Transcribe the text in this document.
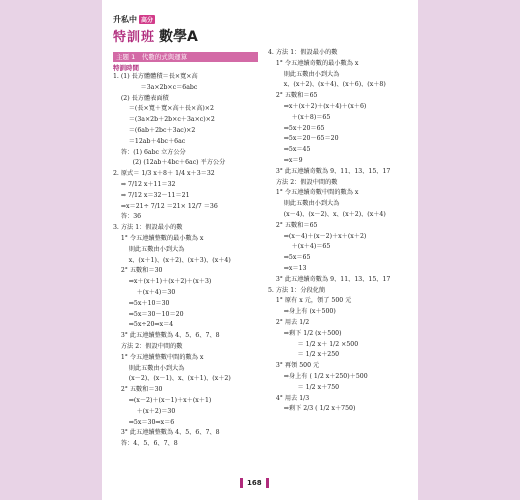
升私中 高分
特訓班 數學A
主題 1　代數的式與運算
特訓時間
1. (1) 長方體體積＝長×寬×高
＝3a×2b×c＝6abc
(2) 長方體表面積
＝(長×寬＋寬×高＋長×高)×2
＝(3a×2b＋2b×c＋3a×c)×2
＝(6ab＋2bc＋3ac)×2
＝12ab＋4bc＋6ac
答：(1) 6abc 立方公分
(2) (12ab＋4bc＋6ac) 平方公分
2. 原式＝ 1/3 x＋8＋ 1/4 x＋3＝32
⇒ 7/12 x＋11＝32
⇒ 7/12 x＝32－11＝21
⇒x＝21÷ 7/12 ＝21× 12/7 ＝36
答：36
3. 方法 1：假設最小的數
1° 令五連續整數的最小數為 x
則此五數由小到大為
x、(x＋1)、(x＋2)、(x＋3)、(x＋4)
2° 五數和＝30
⇒x＋(x＋1)＋(x＋2)＋(x＋3)
＋(x＋4)＝30
⇒5x＋10＝30
⇒5x＝30－10＝20
⇒5x÷20⇒x＝4
3° 此五連續整數為 4、5、6、7、8
方法 2：假設中間的數
1° 令五連續整數中間的數為 x
則此五數由小到大為
(x－2)、(x－1)、x、(x＋1)、(x＋2)
2° 五數和＝30
⇒(x－2)＋(x－1)＋x＋(x＋1)
＋(x＋2)＝30
⇒5x＝30⇒x＝6
3° 此五連續整數為 4、5、6、7、8
答：4、5、6、7、8
4. 方法 1：假設最小的數
1° 令五連續奇數的最小數為 x
則此五數由小到大為
x、(x＋2)、(x＋4)、(x＋6)、(x＋8)
2° 五數和＝65
⇒x＋(x＋2)＋(x＋4)＋(x＋6)
＋(x＋8)＝65
⇒5x＋20＝65
⇒5x＝20－65＝20
⇒5x＝45
⇒x＝9
3° 此五連續奇數為 9、11、13、15、17
方法 2：假設中間的數
1° 令五連續奇數中間的數為 x
則此五數由小到大為
(x－4)、(x－2)、x、(x＋2)、(x＋4)
2° 五數和＝65
⇒(x－4)＋(x－2)＋x＋(x＋2)
＋(x＋4)＝65
⇒5x＝65
⇒x＝13
3° 此五連續奇數為 9、11、13、15、17
5. 方法 1：分段化簡
1° 原有 x 元，領了 500 元
⇒身上有 (x＋500)
2° 用去 1/2
⇒剩下 1/2 (x＋500)
＝ 1/2 x＋ 1/2 ×500
＝ 1/2 x＋250
3° 再領 500 元
⇒身上有 ( 1/2 x＋250)＋500
＝ 1/2 x＋750
4° 用去 1/3
⇒剩下 2/3 ( 1/2 x＋750)
168
